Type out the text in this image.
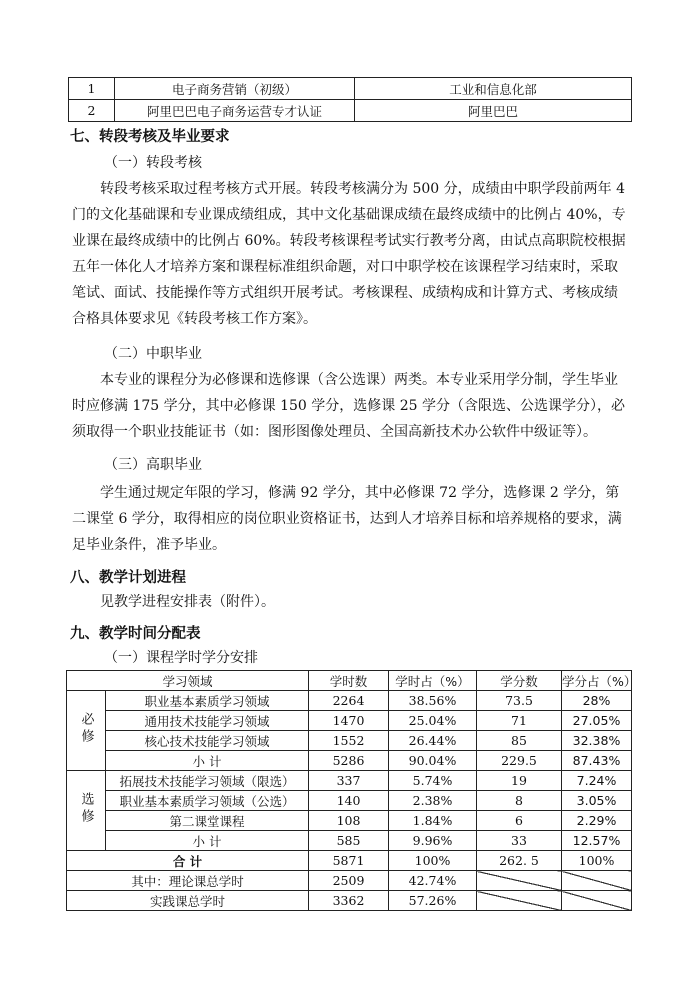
1	电子商务营销（初级）	工业和信息化部
2	阿里巴巴电子商务运营专才认证	阿里巴巴
七、转段考核及毕业要求
（一）转段考核

转段考核采取过程考核方式开展。转段考核满分为 500 分，成绩由中职学段前两年 4 门的文化基础课和专业课成绩组成，其中文化基础课成绩在最终成绩中的比例占 40%，专业课在最终成绩中的比例占 60%。转段考核课程考试实行教考分离，由试点高职院校根据五年一体化人才培养方案和课程标准组织命题，对口中职学校在该课程学习结束时，采取笔试、面试、技能操作等方式组织开展考试。考核课程、成绩构成和计算方式、考核成绩合格具体要求见《转段考核工作方案》。

（二）中职毕业

本专业的课程分为必修课和选修课（含公选课）两类。本专业采用学分制，学生毕业时应修满 175 学分，其中必修课 150 学分，选修课 25 学分（含限选、公选课学分），必须取得一个职业技能证书（如：图形图像处理员、全国高新技术办公软件中级证等）。

（三）高职毕业

学生通过规定年限的学习，修满 92 学分，其中必修课 72 学分，选修课 2 学分，第二课堂 6 学分，取得相应的岗位职业资格证书，达到人才培养目标和培养规格的要求，满足毕业条件，准予毕业。

八、教学计划进程

见教学进程安排表（附件）。

九、教学时间分配表
（一）课程学时学分安排
学习领域		学时数	学时占（%）	学分数	学分占（%）
必修	职业基本素质学习领域	2264	38.56%	73.5	28%
	通用技术技能学习领域	1470	25.04%	71	27.05%
	核心技术技能学习领域	1552	26.44%	85	32.38%
	小 计	5286	90.04%	229.5	87.43%
选修	拓展技术技能学习领域（限选）	337	5.74%	19	7.24%
	职业基本素质学习领域（公选）	140	2.38%	8	3.05%
	第二课堂课程	108	1.84%	6	2.29%
	小 计	585	9.96%	33	12.57%
合 计		5871	100%	262. 5	100%
其中：理论课总学时		2509	42.74%		
实践课总学时		3362	57.26%		
